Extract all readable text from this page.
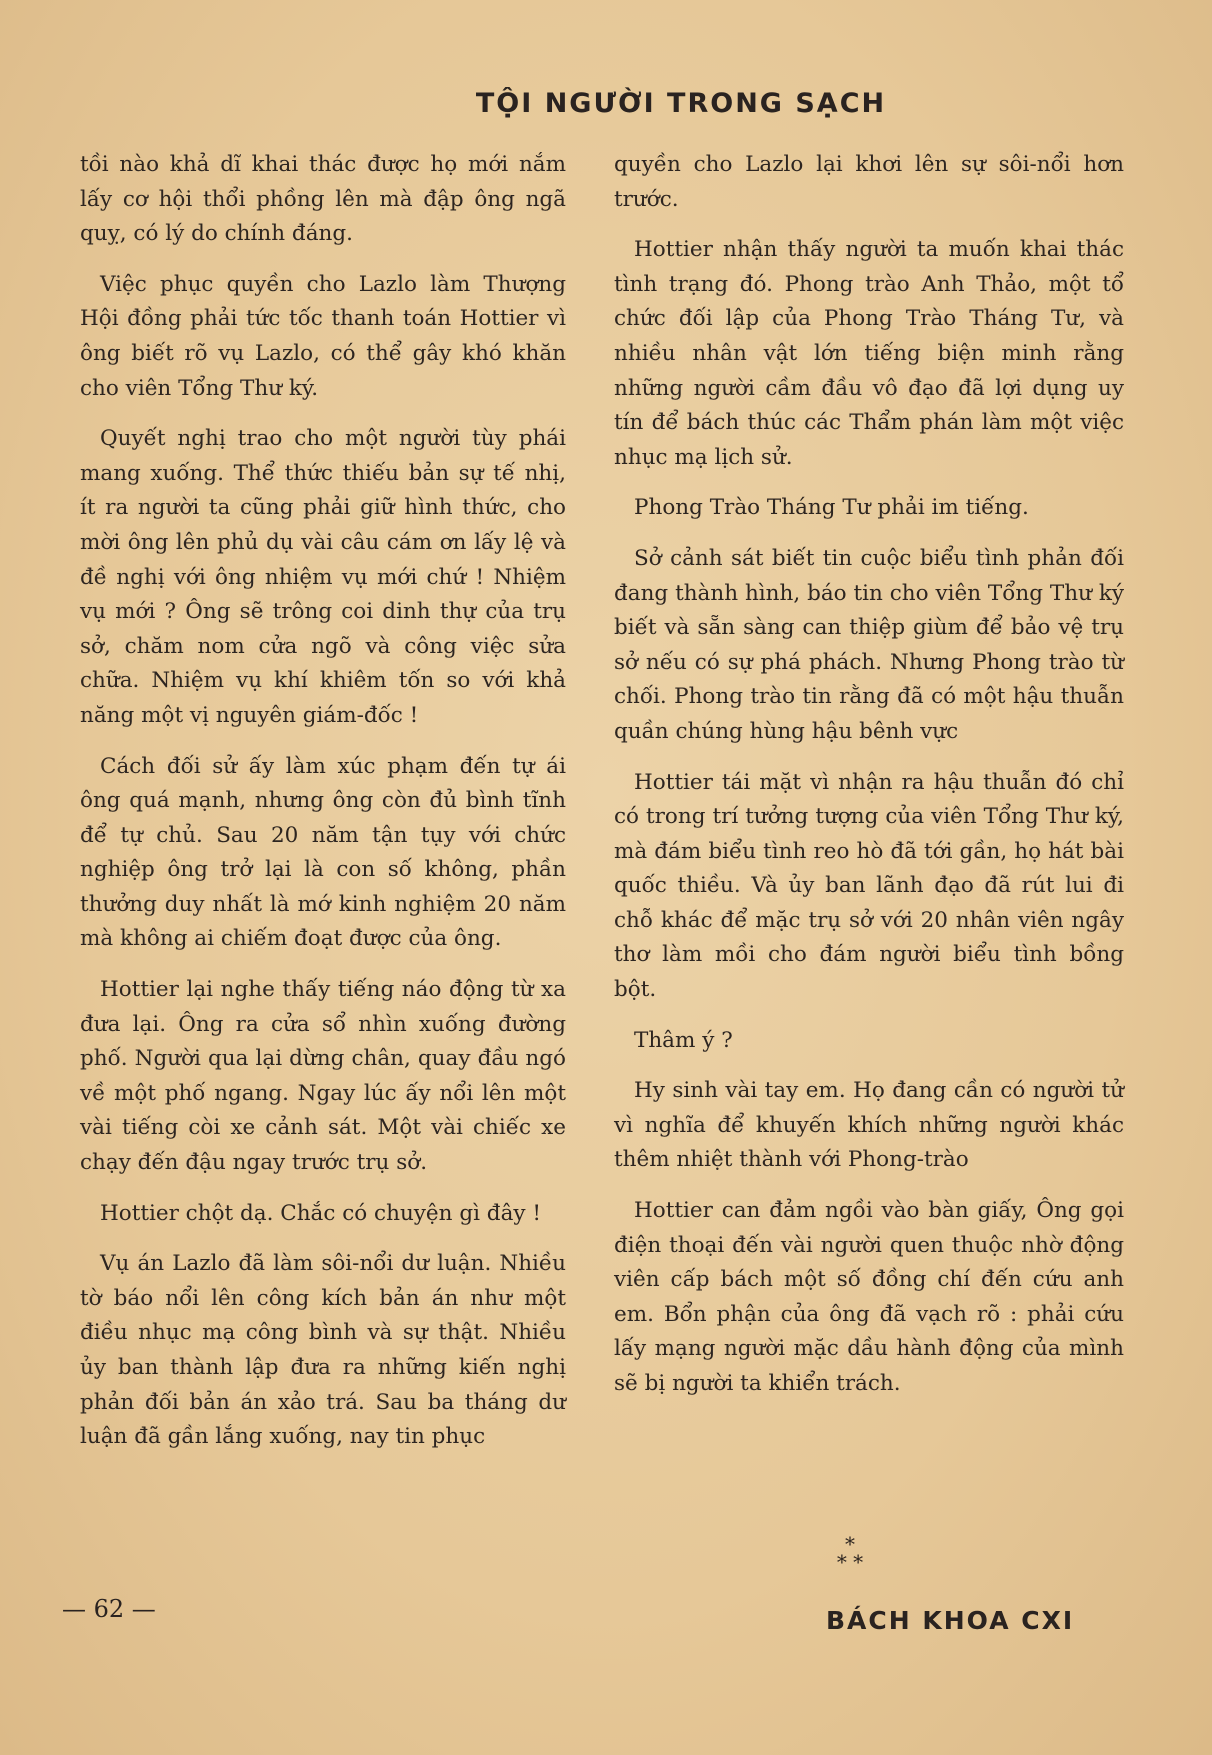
TỘI NGƯỜI TRONG SẠCH

tồi nào khả dĩ khai thác được họ mới nắm lấy cơ hội thổi phồng lên mà đập ông ngã quỵ, có lý do chính đáng.

Việc phục quyền cho Lazlo làm Thượng Hội đồng phải tức tốc thanh toán Hottier vì ông biết rõ vụ Lazlo, có thể gây khó khăn cho viên Tổng Thư ký.

Quyết nghị trao cho một người tùy phái mang xuống. Thể thức thiếu bản sự tế nhị, ít ra người ta cũng phải giữ hình thức, cho mời ông lên phủ dụ vài câu cám ơn lấy lệ và đề nghị với ông nhiệm vụ mới chứ ! Nhiệm vụ mới ? Ông sẽ trông coi dinh thự của trụ sở, chăm nom cửa ngõ và công việc sửa chữa. Nhiệm vụ khí khiêm tốn so với khả năng một vị nguyên giám-đốc !

Cách đối sử ấy làm xúc phạm đến tự ái ông quá mạnh, nhưng ông còn đủ bình tĩnh để tự chủ. Sau 20 năm tận tụy với chức nghiệp ông trở lại là con số không, phần thưởng duy nhất là mớ kinh nghiệm 20 năm mà không ai chiếm đoạt được của ông.

Hottier lại nghe thấy tiếng náo động từ xa đưa lại. Ông ra cửa sổ nhìn xuống đường phố. Người qua lại dừng chân, quay đầu ngó về một phố ngang. Ngay lúc ấy nổi lên một vài tiếng còi xe cảnh sát. Một vài chiếc xe chạy đến đậu ngay trước trụ sở.

Hottier chột dạ. Chắc có chuyện gì đây !

Vụ án Lazlo đã làm sôi-nổi dư luận. Nhiều tờ báo nổi lên công kích bản án như một điều nhục mạ công bình và sự thật. Nhiều ủy ban thành lập đưa ra những kiến nghị phản đối bản án xảo trá. Sau ba tháng dư luận đã gần lắng xuống, nay tin phục

quyền cho Lazlo lại khơi lên sự sôi-nổi hơn trước.

Hottier nhận thấy người ta muốn khai thác tình trạng đó. Phong trào Anh Thảo, một tổ chức đối lập của Phong Trào Tháng Tư, và nhiều nhân vật lớn tiếng biện minh rằng những người cầm đầu vô đạo đã lợi dụng uy tín để bách thúc các Thẩm phán làm một việc nhục mạ lịch sử.

Phong Trào Tháng Tư phải im tiếng.

Sở cảnh sát biết tin cuộc biểu tình phản đối đang thành hình, báo tin cho viên Tổng Thư ký biết và sẵn sàng can thiệp giùm để bảo vệ trụ sở nếu có sự phá phách. Nhưng Phong trào từ chối. Phong trào tin rằng đã có một hậu thuẫn quần chúng hùng hậu bênh vực

Hottier tái mặt vì nhận ra hậu thuẫn đó chỉ có trong trí tưởng tượng của viên Tổng Thư ký, mà đám biểu tình reo hò đã tới gần, họ hát bài quốc thiều. Và ủy ban lãnh đạo đã rút lui đi chỗ khác để mặc trụ sở với 20 nhân viên ngây thơ làm mồi cho đám người biểu tình bồng bột.

Thâm ý ?

Hy sinh vài tay em. Họ đang cần có người tử vì nghĩa để khuyến khích những người khác thêm nhiệt thành với Phong-trào

Hottier can đảm ngồi vào bàn giấy, Ông gọi điện thoại đến vài người quen thuộc nhờ động viên cấp bách một số đồng chí đến cứu anh em. Bổn phận của ông đã vạch rõ : phải cứu lấy mạng người mặc dầu hành động của mình sẽ bị người ta khiển trách.

*
* *
— 62 —	BÁCH KHOA CXI
